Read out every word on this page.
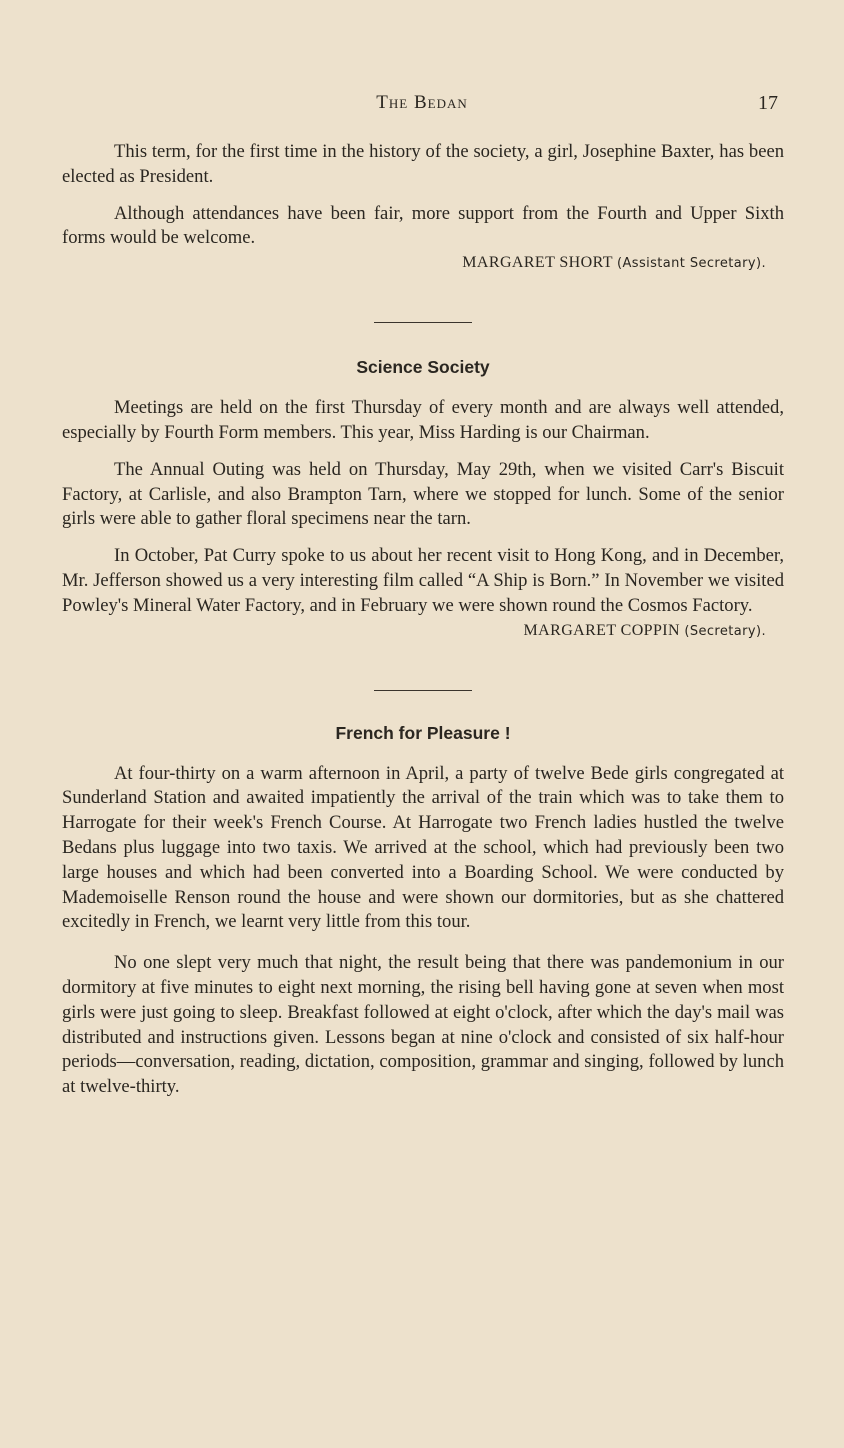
The Bedan	17

This term, for the first time in the history of the society, a girl, Josephine Baxter, has been elected as President.

Although attendances have been fair, more support from the Fourth and Upper Sixth forms would be welcome.

MARGARET SHORT (Assistant Secretary).
Science Society

Meetings are held on the first Thursday of every month and are always well attended, especially by Fourth Form members. This year, Miss Harding is our Chairman.

The Annual Outing was held on Thursday, May 29th, when we visited Carr's Biscuit Factory, at Carlisle, and also Brampton Tarn, where we stopped for lunch. Some of the senior girls were able to gather floral specimens near the tarn.

In October, Pat Curry spoke to us about her recent visit to Hong Kong, and in December, Mr. Jefferson showed us a very interesting film called “A Ship is Born.” In November we visited Powley's Mineral Water Factory, and in February we were shown round the Cosmos Factory.

MARGARET COPPIN (Secretary).
French for Pleasure !

At four-thirty on a warm afternoon in April, a party of twelve Bede girls congregated at Sunderland Station and awaited impatiently the arrival of the train which was to take them to Harrogate for their week's French Course. At Harrogate two French ladies hustled the twelve Bedans plus luggage into two taxis. We arrived at the school, which had previously been two large houses and which had been converted into a Boarding School. We were conducted by Mademoiselle Renson round the house and were shown our dormitories, but as she chattered excitedly in French, we learnt very little from this tour.

No one slept very much that night, the result being that there was pandemonium in our dormitory at five minutes to eight next morning, the rising bell having gone at seven when most girls were just going to sleep. Breakfast followed at eight o'clock, after which the day's mail was distributed and instructions given. Lessons began at nine o'clock and consisted of six half-hour periods—conversation, reading, dictation, composition, grammar and singing, followed by lunch at twelve-thirty.
